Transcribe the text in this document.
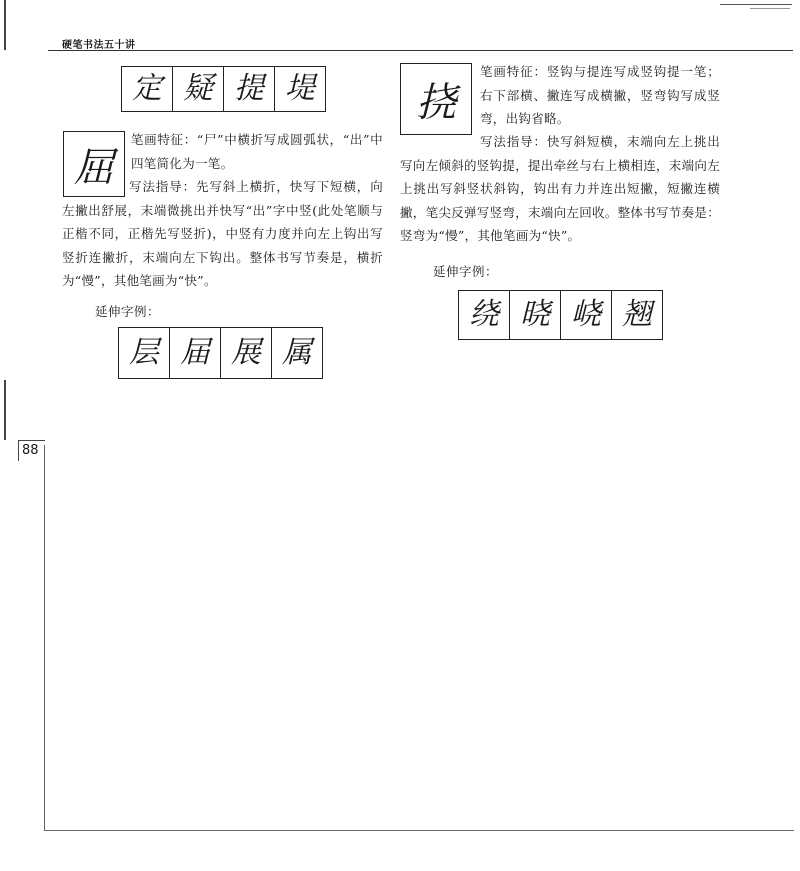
硬笔书法五十讲
定 疑 提 堤
屈

笔画特征：“尸”中横折写成圆弧状，“出”中四笔简化为一笔。

写法指导：先写斜上横折，快写下短横，向左撇出舒展，末端微挑出并快写“出”字中竖(此处笔顺与正楷不同，正楷先写竖折)，中竖有力度并向左上钩出写竖折连撇折，末端向左下钩出。整体书写节奏是，横折为“慢”，其他笔画为“快”。

延伸字例：
层 届 展 属
挠

笔画特征：竖钩与提连写成竖钩提一笔；右下部横、撇连写成横撇，竖弯钩写成竖弯，出钩省略。

写法指导：快写斜短横，末端向左上挑出写向左倾斜的竖钩提，提出牵丝与右上横相连，末端向左上挑出写斜竖状斜钩，钩出有力并连出短撇，短撇连横撇，笔尖反弹写竖弯，末端向左回收。整体书写节奏是：竖弯为“慢”，其他笔画为“快”。

延伸字例：
绕 晓 峣 翘
88
